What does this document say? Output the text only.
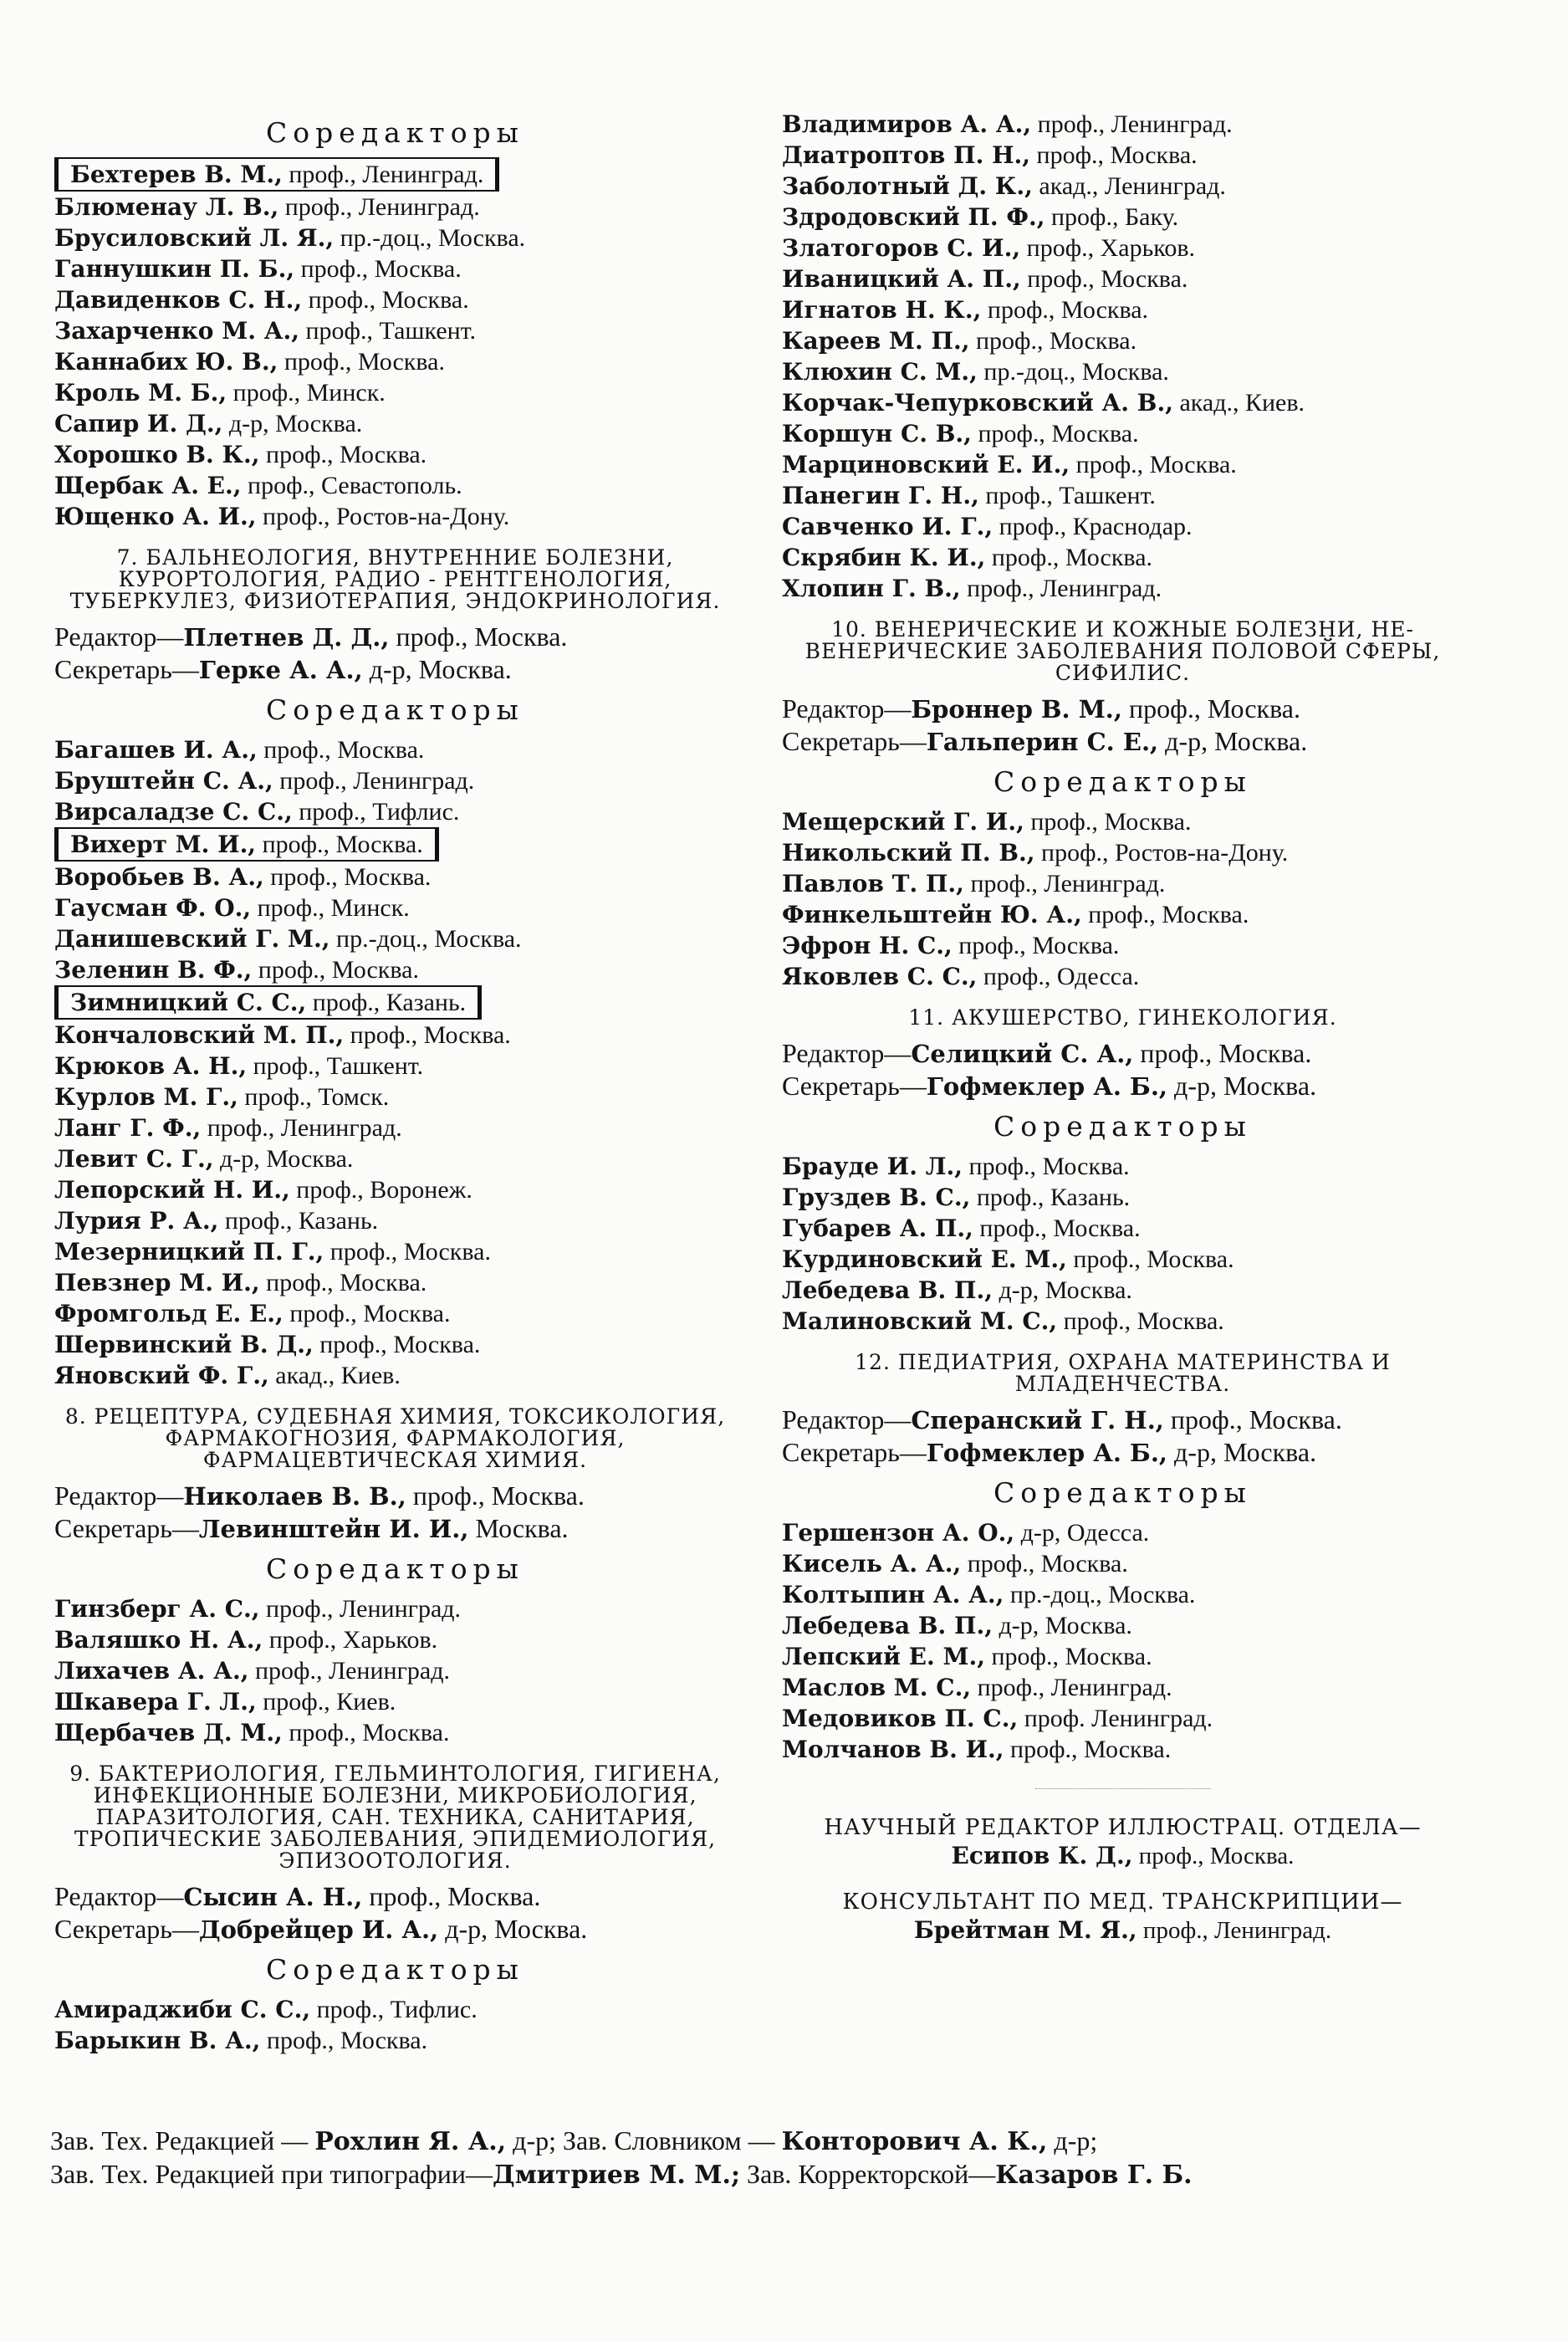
Соредакторы
Бехтерев В. М., проф., Ленинград.
Блюменау Л. В., проф., Ленинград.
Брусиловский Л. Я., пр.-доц., Москва.
Ганнушкин П. Б., проф., Москва.
Давиденков С. Н., проф., Москва.
Захарченко М. А., проф., Ташкент.
Каннабих Ю. В., проф., Москва.
Кроль М. Б., проф., Минск.
Сапир И. Д., д-р, Москва.
Хорошко В. К., проф., Москва.
Щербак А. Е., проф., Севастополь.
Ющенко А. И., проф., Ростов-на-Дону.
7. БАЛЬНЕОЛОГИЯ, ВНУТРЕННИЕ БОЛЕЗНИ, КУРОРТОЛОГИЯ, РАДИО - РЕНТГЕНОЛОГИЯ, ТУБЕРКУЛЕЗ, ФИЗИОТЕРАПИЯ, ЭНДОКРИНОЛОГИЯ.
Редактор—Плетнев Д. Д., проф., Москва.
Секретарь—Герке А. А., д-р, Москва.
Соредакторы
Багашев И. А., проф., Москва.
Бруштейн С. А., проф., Ленинград.
Вирсаладзе С. С., проф., Тифлис.
Вихерт М. И., проф., Москва.
Воробьев В. А., проф., Москва.
Гаусман Ф. О., проф., Минск.
Данишевский Г. М., пр.-доц., Москва.
Зеленин В. Ф., проф., Москва.
Зимницкий С. С., проф., Казань.
Кончаловский М. П., проф., Москва.
Крюков А. Н., проф., Ташкент.
Курлов М. Г., проф., Томск.
Ланг Г. Ф., проф., Ленинград.
Левит С. Г., д-р, Москва.
Лепорский Н. И., проф., Воронеж.
Лурия Р. А., проф., Казань.
Мезерницкий П. Г., проф., Москва.
Певзнер М. И., проф., Москва.
Фромгольд Е. Е., проф., Москва.
Шервинский В. Д., проф., Москва.
Яновский Ф. Г., акад., Киев.
8. РЕЦЕПТУРА, СУДЕБНАЯ ХИМИЯ, ТОКСИКОЛОГИЯ, ФАРМАКОГНОЗИЯ, ФАРМАКОЛОГИЯ, ФАРМАЦЕВТИЧЕСКАЯ ХИМИЯ.
Редактор—Николаев В. В., проф., Москва.
Секретарь—Левинштейн И. И., Москва.
Соредакторы
Гинзберг А. С., проф., Ленинград.
Валяшко Н. А., проф., Харьков.
Лихачев А. А., проф., Ленинград.
Шкавера Г. Л., проф., Киев.
Щербачев Д. М., проф., Москва.
9. БАКТЕРИОЛОГИЯ, ГЕЛЬМИНТОЛОГИЯ, ГИГИЕНА, ИНФЕКЦИОННЫЕ БОЛЕЗНИ, МИКРОБИОЛОГИЯ, ПАРАЗИТОЛОГИЯ, САН. ТЕХНИКА, САНИТАРИЯ, ТРОПИЧЕСКИЕ ЗАБОЛЕВАНИЯ, ЭПИДЕМИОЛОГИЯ, ЭПИЗООТОЛОГИЯ.
Редактор—Сысин А. Н., проф., Москва.
Секретарь—Добрейцер И. А., д-р, Москва.
Соредакторы
Амираджиби С. С., проф., Тифлис.
Барыкин В. А., проф., Москва.
Владимиров А. А., проф., Ленинград.
Диатроптов П. Н., проф., Москва.
Заболотный Д. К., акад., Ленинград.
Здродовский П. Ф., проф., Баку.
Златогоров С. И., проф., Харьков.
Иваницкий А. П., проф., Москва.
Игнатов Н. К., проф., Москва.
Кареев М. П., проф., Москва.
Клюхин С. М., пр.-доц., Москва.
Корчак-Чепурковский А. В., акад., Киев.
Коршун С. В., проф., Москва.
Марциновский Е. И., проф., Москва.
Панегин Г. Н., проф., Ташкент.
Савченко И. Г., проф., Краснодар.
Скрябин К. И., проф., Москва.
Хлопин Г. В., проф., Ленинград.
10. ВЕНЕРИЧЕСКИЕ И КОЖНЫЕ БОЛЕЗНИ, НЕ-ВЕНЕРИЧЕСКИЕ ЗАБОЛЕВАНИЯ ПОЛОВОЙ СФЕРЫ, СИФИЛИС.
Редактор—Броннер В. М., проф., Москва.
Секретарь—Гальперин С. Е., д-р, Москва.
Соредакторы
Мещерский Г. И., проф., Москва.
Никольский П. В., проф., Ростов-на-Дону.
Павлов Т. П., проф., Ленинград.
Финкельштейн Ю. А., проф., Москва.
Эфрон Н. С., проф., Москва.
Яковлев С. С., проф., Одесса.
11. АКУШЕРСТВО, ГИНЕКОЛОГИЯ.
Редактор—Селицкий С. А., проф., Москва.
Секретарь—Гофмеклер А. Б., д-р, Москва.
Соредакторы
Брауде И. Л., проф., Москва.
Груздев В. С., проф., Казань.
Губарев А. П., проф., Москва.
Курдиновский Е. М., проф., Москва.
Лебедева В. П., д-р, Москва.
Малиновский М. С., проф., Москва.
12. ПЕДИАТРИЯ, ОХРАНА МАТЕРИНСТВА И МЛАДЕНЧЕСТВА.
Редактор—Сперанский Г. Н., проф., Москва.
Секретарь—Гофмеклер А. Б., д-р, Москва.
Соредакторы
Гершензон А. О., д-р, Одесса.
Кисель А. А., проф., Москва.
Колтыпин А. А., пр.-доц., Москва.
Лебедева В. П., д-р, Москва.
Лепский Е. М., проф., Москва.
Маслов М. С., проф., Ленинград.
Медовиков П. С., проф. Ленинград.
Молчанов В. И., проф., Москва.
НАУЧНЫЙ РЕДАКТОР ИЛЛЮСТРАЦ. ОТДЕЛА—
Есипов К. Д., проф., Москва.
КОНСУЛЬТАНТ ПО МЕД. ТРАНСКРИПЦИИ—
Брейтман М. Я., проф., Ленинград.
Зав. Тех. Редакцией — Рохлин Я. А., д-р; Зав. Словником — Конторович А. К., д-р;
Зав. Тех. Редакцией при типографии—Дмитриев М. М.; Зав. Корректорской—Казаров Г. Б.
